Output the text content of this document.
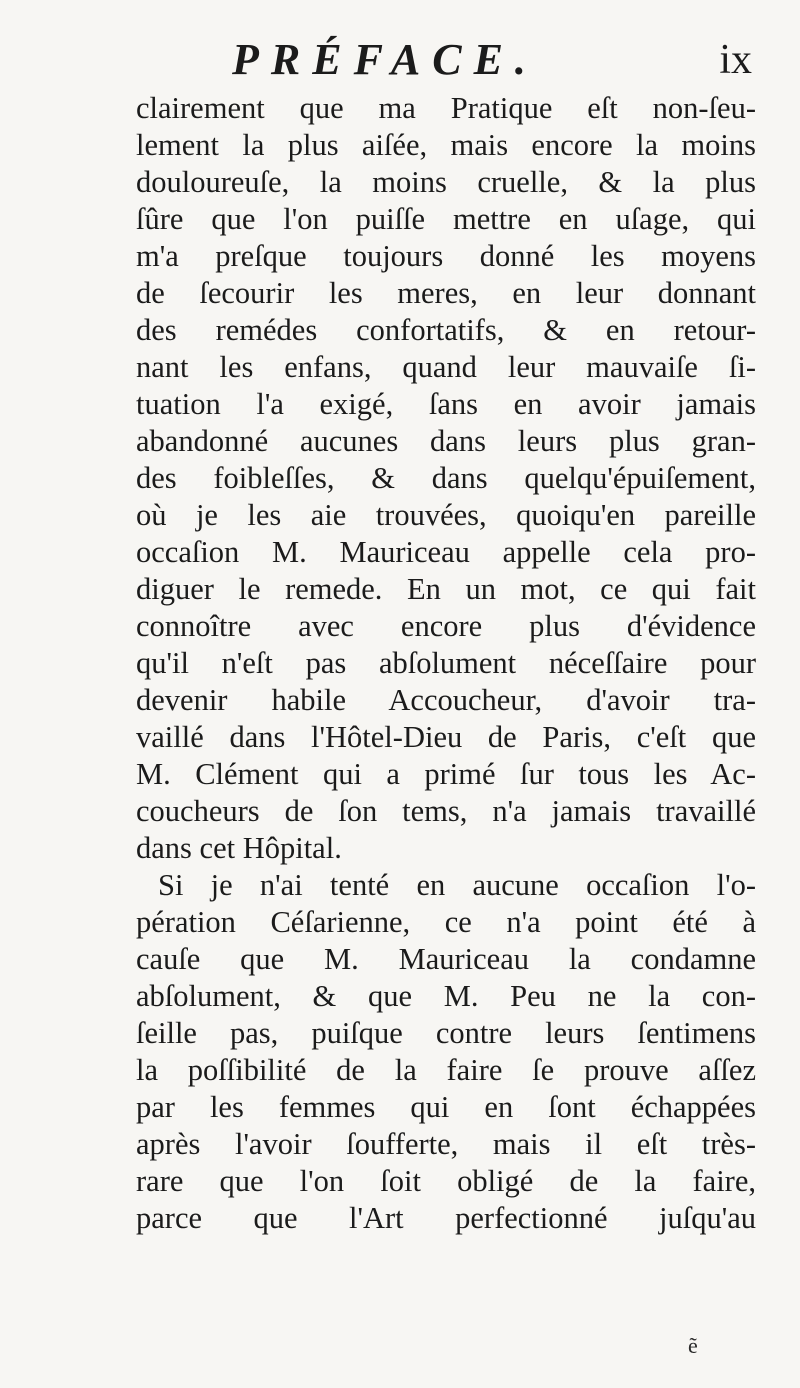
PRÉFACE.	ix
clairement que ma Pratique eſt non-ſeu-
lement la plus aiſée, mais encore la moins
douloureuſe, la moins cruelle, & la plus
ſûre que l'on puiſſe mettre en uſage, qui
m'a preſque toujours donné les moyens
de ſecourir les meres, en leur donnant
des remédes confortatifs, & en retour-
nant les enfans, quand leur mauvaiſe ſi-
tuation l'a exigé, ſans en avoir jamais
abandonné aucunes dans leurs plus gran-
des foibleſſes, & dans quelqu'épuiſement,
où je les aie trouvées, quoiqu'en pareille
occaſion M. Mauriceau appelle cela pro-
diguer le remede. En un mot, ce qui fait
connoître avec encore plus d'évidence
qu'il n'eſt pas abſolument néceſſaire pour
devenir habile Accoucheur, d'avoir tra-
vaillé dans l'Hôtel-Dieu de Paris, c'eſt que
M. Clément qui a primé ſur tous les Ac-
coucheurs de ſon tems, n'a jamais travaillé
dans cet Hôpital.
Si je n'ai tenté en aucune occaſion l'o-
pération Céſarienne, ce n'a point été à
cauſe que M. Mauriceau la condamne
abſolument, & que M. Peu ne la con-
ſeille pas, puiſque contre leurs ſentimens
la poſſibilité de la faire ſe prouve aſſez
par les femmes qui en ſont échappées
après l'avoir ſoufferte, mais il eſt très-
rare que l'on ſoit obligé de la faire,
parce que l'Art perfectionné juſqu'au
ẽ
